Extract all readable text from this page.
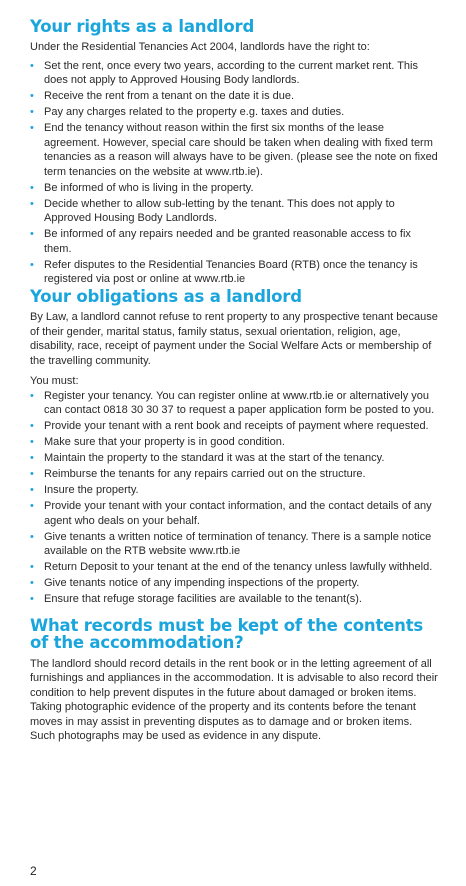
Your rights as a landlord

Under the Residential Tenancies Act 2004, landlords have the right to:

• Set the rent, once every two years, according to the current market rent. This does not apply to Approved Housing Body landlords.
• Receive the rent from a tenant on the date it is due.
• Pay any charges related to the property e.g. taxes and duties.
• End the tenancy without reason within the first six months of the lease agreement. However, special care should be taken when dealing with fixed term tenancies as a reason will always have to be given. (please see the note on fixed term tenancies on the website at www.rtb.ie).
• Be informed of who is living in the property.
• Decide whether to allow sub-letting by the tenant. This does not apply to Approved Housing Body Landlords.
• Be informed of any repairs needed and be granted reasonable access to fix them.
• Refer disputes to the Residential Tenancies Board (RTB) once the tenancy is registered via post or online at www.rtb.ie
Your obligations as a landlord

By Law, a landlord cannot refuse to rent property to any prospective tenant because of their gender, marital status, family status, sexual orientation, religion, age, disability, race, receipt of payment under the Social Welfare Acts or membership of the travelling community.

You must:

• Register your tenancy. You can register online at www.rtb.ie or alternatively you can contact 0818 30 30 37 to request a paper application form be posted to you.
• Provide your tenant with a rent book and receipts of payment where requested.
• Make sure that your property is in good condition.
• Maintain the property to the standard it was at the start of the tenancy.
• Reimburse the tenants for any repairs carried out on the structure.
• Insure the property.
• Provide your tenant with your contact information, and the contact details of any agent who deals on your behalf.
• Give tenants a written notice of termination of tenancy. There is a sample notice available on the RTB website www.rtb.ie
• Return Deposit to your tenant at the end of the tenancy unless lawfully withheld.
• Give tenants notice of any impending inspections of the property.
• Ensure that refuge storage facilities are available to the tenant(s).
What records must be kept of the contents of the accommodation?

The landlord should record details in the rent book or in the letting agreement of all furnishings and appliances in the accommodation. It is advisable to also record their condition to help prevent disputes in the future about damaged or broken items.

Taking photographic evidence of the property and its contents before the tenant moves in may assist in preventing disputes as to damage and or broken items. Such photographs may be used as evidence in any dispute.

2
